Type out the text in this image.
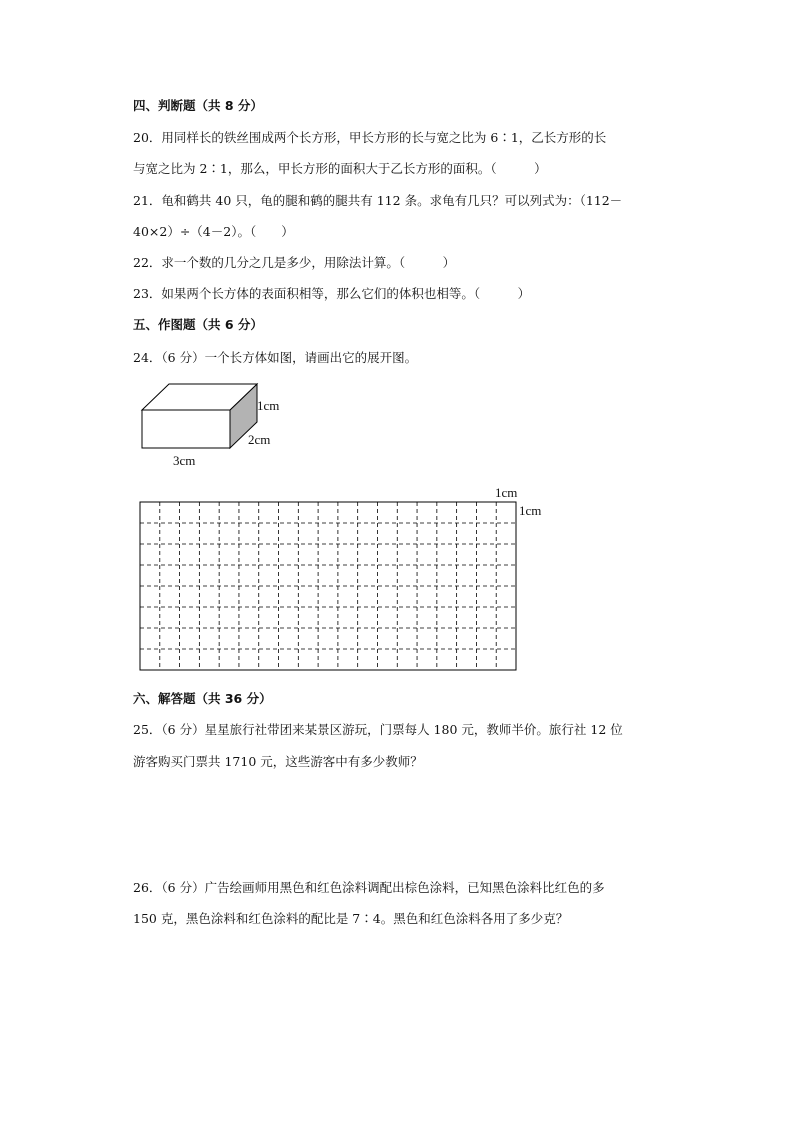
四、判断题（共 8 分）
20．用同样长的铁丝围成两个长方形，甲长方形的长与宽之比为 6∶1，乙长方形的长
与宽之比为 2∶1，那么，甲长方形的面积大于乙长方形的面积。（　　　）
21．龟和鹤共 40 只，龟的腿和鹤的腿共有 112 条。求龟有几只？可以列式为：（112－
40×2）÷（4－2）。（　　）
22．求一个数的几分之几是多少，用除法计算。（　　　）
23．如果两个长方体的表面积相等，那么它们的体积也相等。（　　　）
五、作图题（共 6 分）
24．（6 分）一个长方体如图，请画出它的展开图。
1cm
2cm
3cm
1cm
1cm
六、解答题（共 36 分）
25．（6 分）星星旅行社带团来某景区游玩，门票每人 180 元，教师半价。旅行社 12 位
游客购买门票共 1710 元，这些游客中有多少教师？
26．（6 分）广告绘画师用黑色和红色涂料调配出棕色涂料，已知黑色涂料比红色的多
150 克，黑色涂料和红色涂料的配比是 7∶4。黑色和红色涂料各用了多少克？
